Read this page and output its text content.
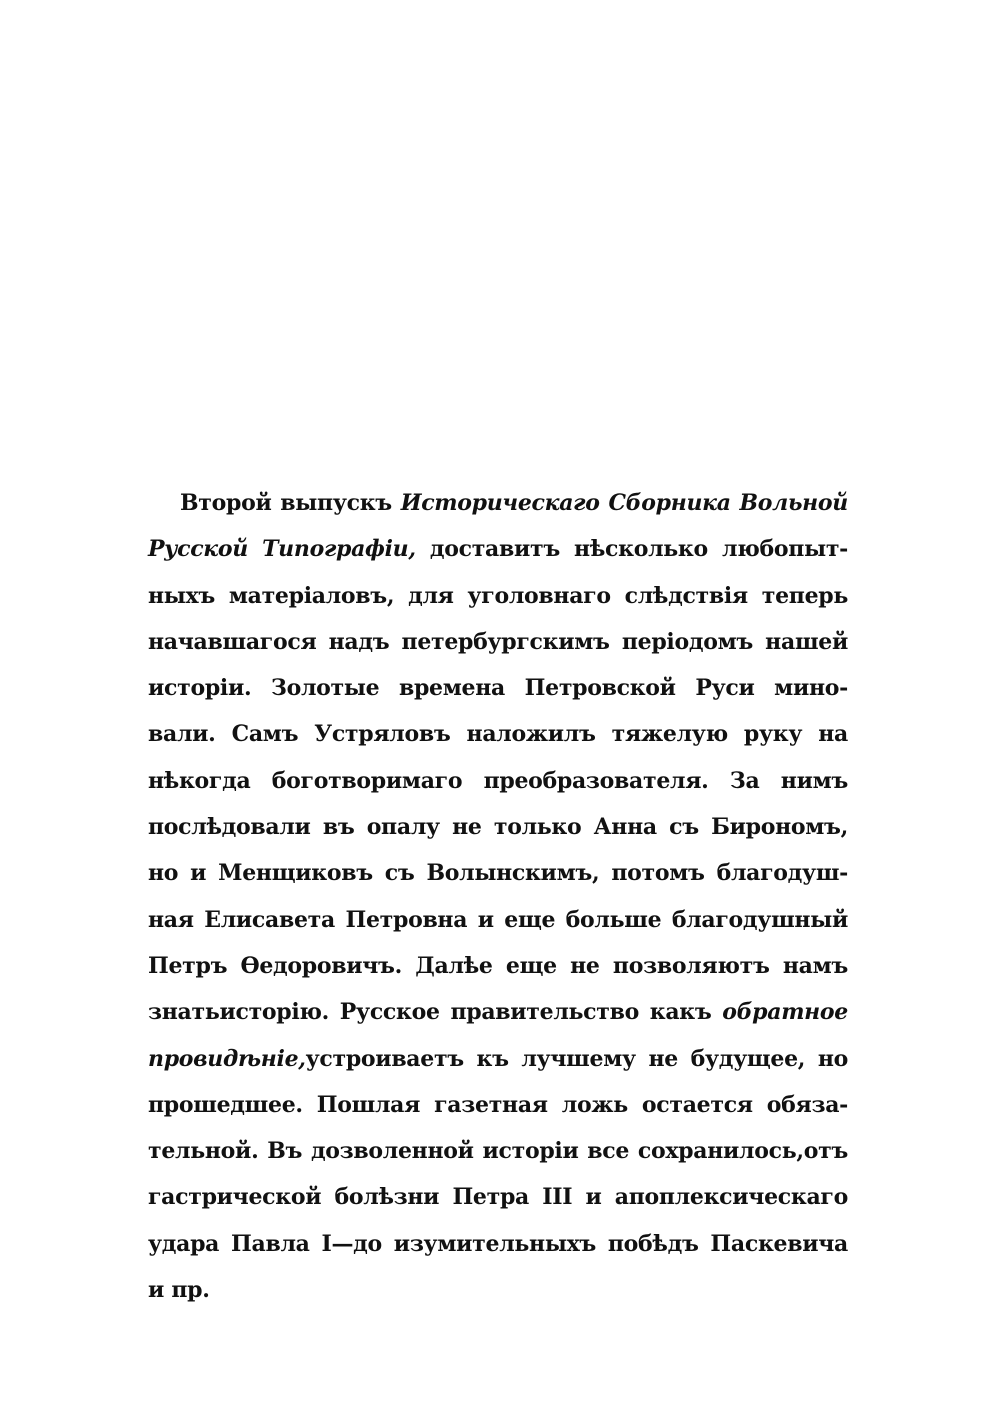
Второй выпускъ Историческаго Сборника Вольной
Русской Типографіи, доставитъ нѣсколько любопыт-
ныхъ матеріаловъ, для уголовнаго слѣдствія теперь
начавшагося надъ петербургскимъ періодомъ нашей
исторіи. Золотые времена Петровской Руси мино-
вали. Самъ Устряловъ наложилъ тяжелую руку на
нѣкогда боготворимаго преобразователя. За нимъ
послѣдовали въ опалу не только Анна съ Бирономъ,
но и Менщиковъ съ Волынскимъ, потомъ благодуш-
ная Елисавета Петровна и еще больше благодушный
Петръ Ѳедоровичъ. Далѣе еще не позволяютъ намъ
знатьисторію. Русское правительство какъ обратное
провидѣніе,устроиваетъ къ лучшему не будущее, но
прошедшее. Пошлая газетная ложь остается обяза-
тельной. Въ дозволенной исторіи все сохранилось,отъ
гастрической болѣзни Петра III и апоплексическаго
удара Павла I—до изумительныхъ побѣдъ Паскевича
и пр.
